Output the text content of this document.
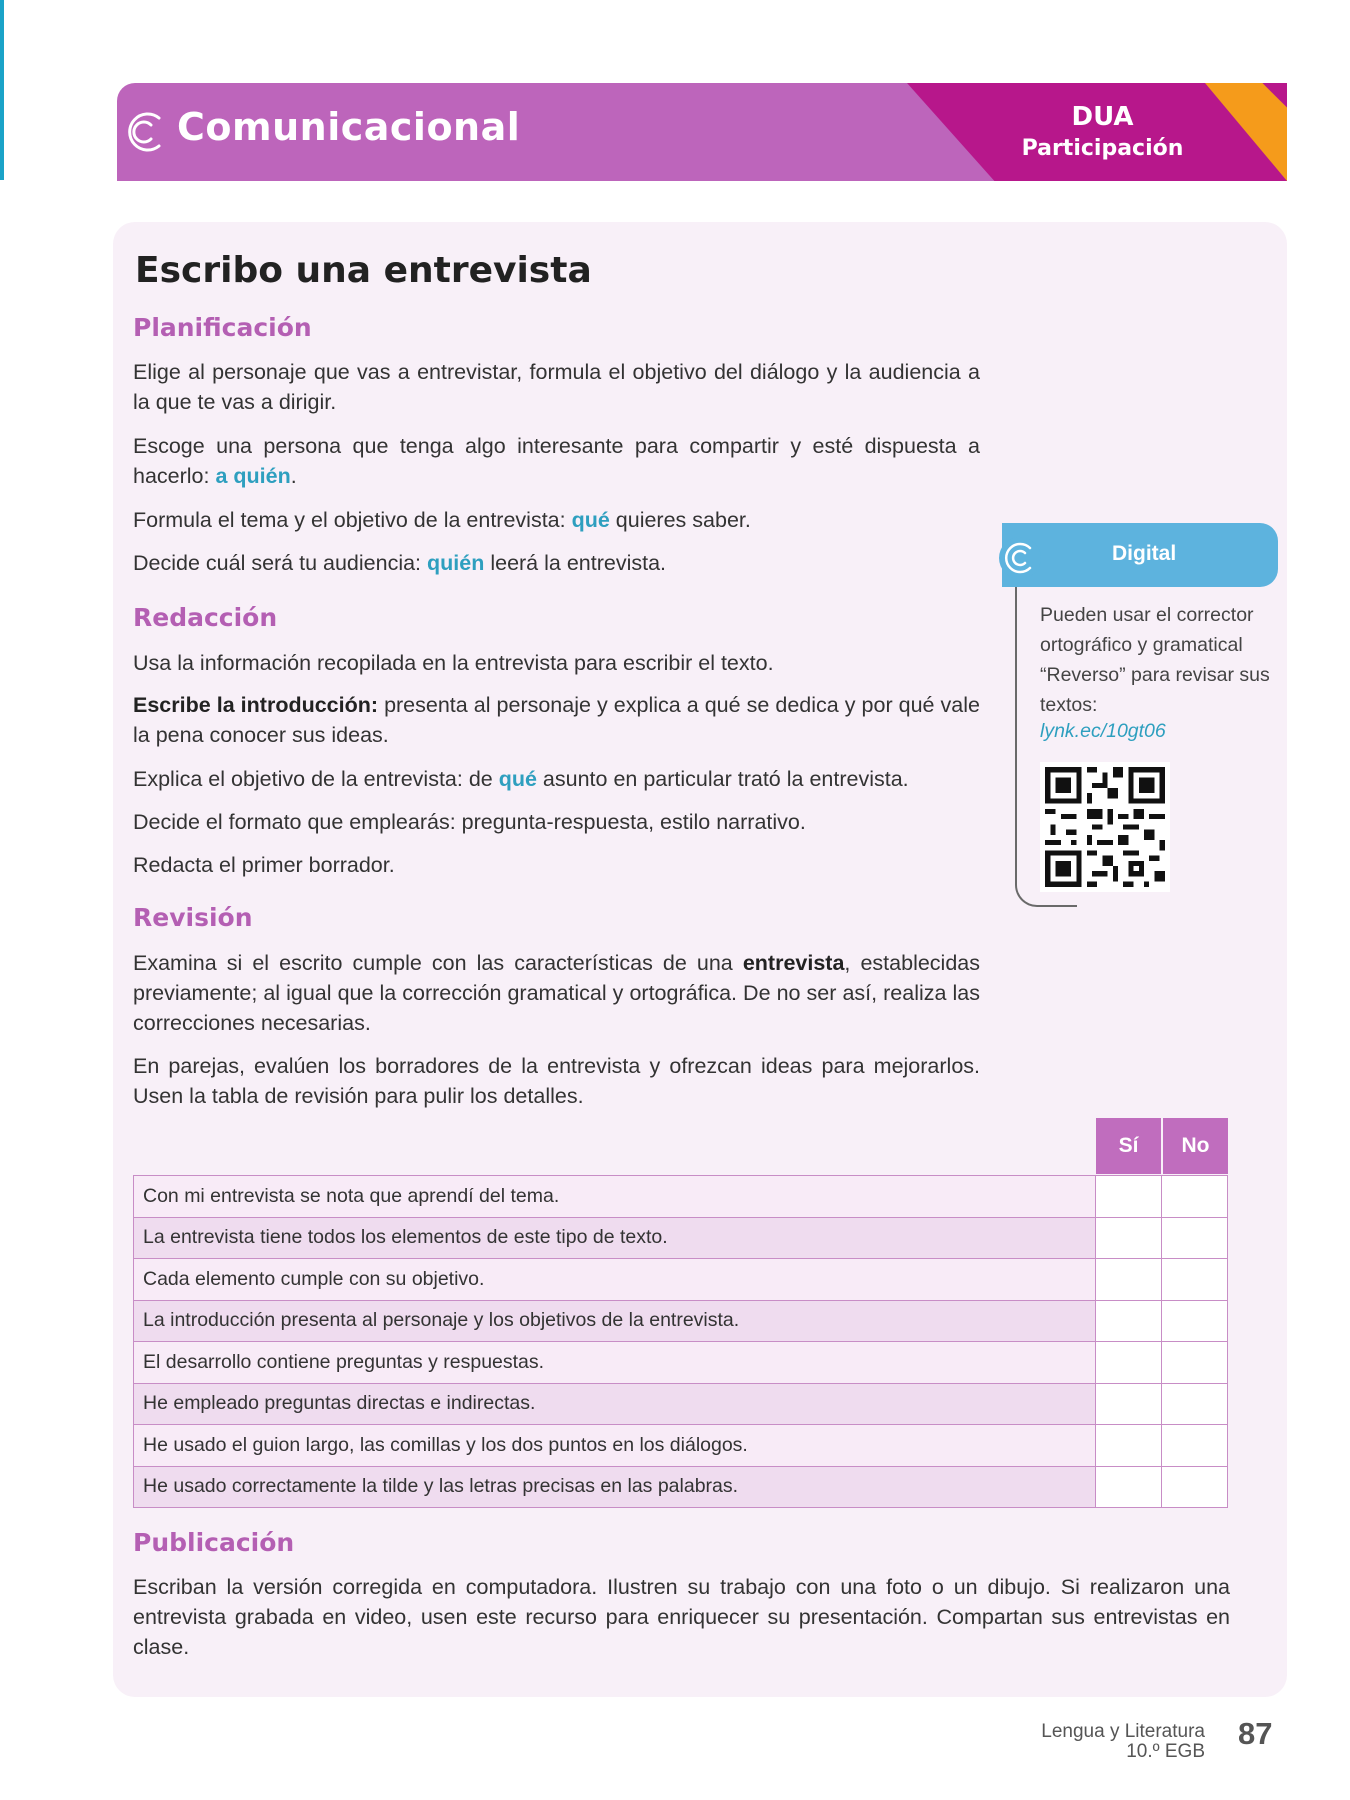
Comunicacional	DUA
Participación
Escribo una entrevista
Planificación

Elige al personaje que vas a entrevistar, formula el objetivo del diálogo y la audiencia a la que te vas a dirigir.

Escoge una persona que tenga algo interesante para compartir y esté dispuesta a hacerlo: a quién.

Formula el tema y el objetivo de la entrevista: qué quieres saber.

Decide cuál será tu audiencia: quién leerá la entrevista.

Redacción

Usa la información recopilada en la entrevista para escribir el texto.

Escribe la introducción: presenta al personaje y explica a qué se dedica y por qué vale la pena conocer sus ideas.

Explica el objetivo de la entrevista: de qué asunto en particular trató la entrevista.

Decide el formato que emplearás: pregunta-respuesta, estilo narrativo.

Redacta el primer borrador.

Revisión

Examina si el escrito cumple con las características de una entrevista, establecidas previamente; al igual que la corrección gramatical y ortográfica. De no ser así, realiza las correcciones necesarias.

En parejas, evalúen los borradores de la entrevista y ofrezcan ideas para mejorarlos. Usen la tabla de revisión para pulir los detalles.

Digital

Pueden usar el corrector ortográfico y gramatical “Reverso” para revisar sus textos:

lynk.ec/10gt06
Sí	No
Con mi entrevista se nota que aprendí del tema.		
La entrevista tiene todos los elementos de este tipo de texto.		
Cada elemento cumple con su objetivo.		
La introducción presenta al personaje y los objetivos de la entrevista.		
El desarrollo contiene preguntas y respuestas.		
He empleado preguntas directas e indirectas.		
He usado el guion largo, las comillas y los dos puntos en los diálogos.		
He usado correctamente la tilde y las letras precisas en las palabras.		
Publicación

Escriban la versión corregida en computadora. Ilustren su trabajo con una foto o un dibujo. Si realizaron una entrevista grabada en video, usen este recurso para enriquecer su presentación. Compartan sus entrevistas en clase.

Lengua y Literatura
10.º EGB
87
